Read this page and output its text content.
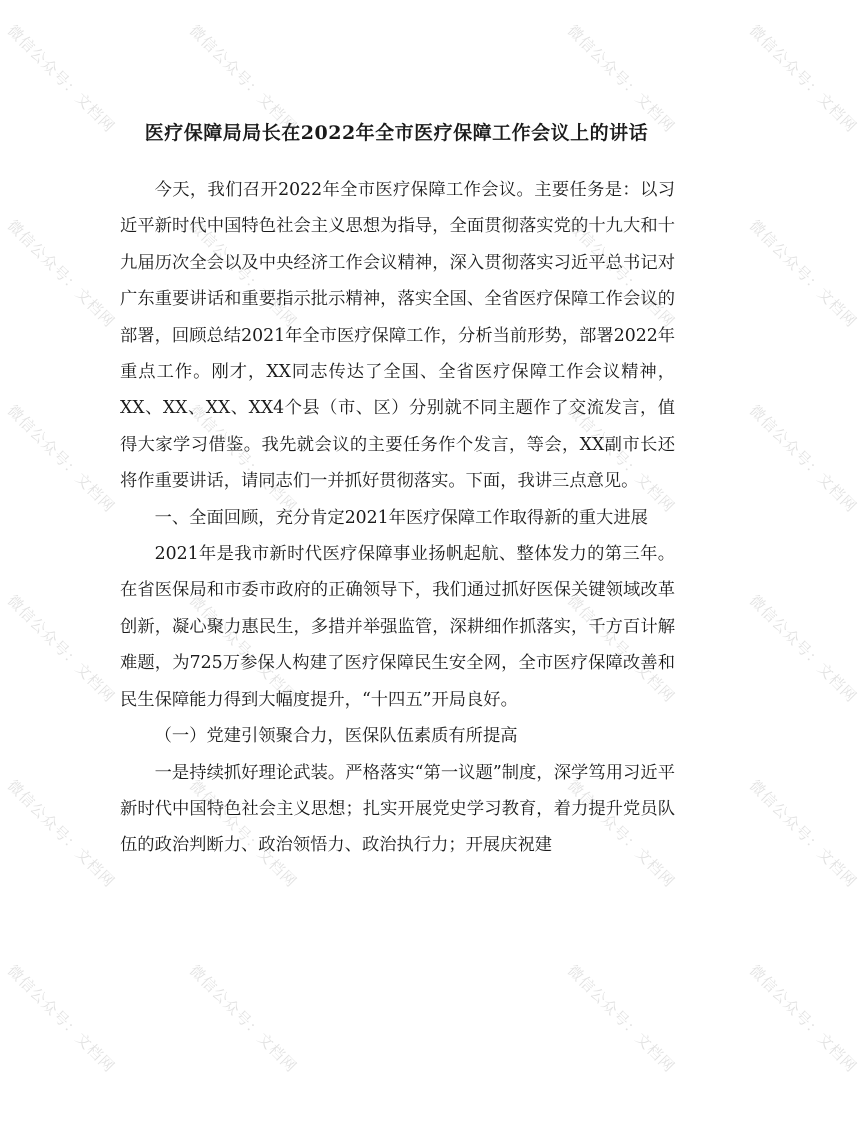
医疗保障局局长在2022年全市医疗保障工作会议上的讲话

今天，我们召开2022年全市医疗保障工作会议。主要任务是：以习近平新时代中国特色社会主义思想为指导，全面贯彻落实党的十九大和十九届历次全会以及中央经济工作会议精神，深入贯彻落实习近平总书记对广东重要讲话和重要指示批示精神，落实全国、全省医疗保障工作会议的部署，回顾总结2021年全市医疗保障工作，分析当前形势，部署2022年重点工作。刚才，XX同志传达了全国、全省医疗保障工作会议精神，XX、XX、XX、XX4个县（市、区）分别就不同主题作了交流发言，值得大家学习借鉴。我先就会议的主要任务作个发言，等会，XX副市长还将作重要讲话，请同志们一并抓好贯彻落实。下面，我讲三点意见。

一、全面回顾，充分肯定2021年医疗保障工作取得新的重大进展

2021年是我市新时代医疗保障事业扬帆起航、整体发力的第三年。在省医保局和市委市政府的正确领导下，我们通过抓好医保关键领域改革创新，凝心聚力惠民生，多措并举强监管，深耕细作抓落实，千方百计解难题，为725万参保人构建了医疗保障民生安全网，全市医疗保障改善和民生保障能力得到大幅度提升，“十四五”开局良好。

（一）党建引领聚合力，医保队伍素质有所提高

一是持续抓好理论武装。严格落实“第一议题”制度，深学笃用习近平新时代中国特色社会主义思想；扎实开展党史学习教育，着力提升党员队伍的政治判断力、政治领悟力、政治执行力；开展庆祝建

微信公众号：文档网	微信公众号：文档网	微信公众号：文档网	微信公众号：文档网
微信公众号：文档网	微信公众号：文档网	微信公众号：文档网	微信公众号：文档网
微信公众号：文档网	微信公众号：文档网	微信公众号：文档网	微信公众号：文档网
微信公众号：文档网	微信公众号：文档网	微信公众号：文档网	微信公众号：文档网
微信公众号：文档网	微信公众号：文档网	微信公众号：文档网	微信公众号：文档网
微信公众号：文档网	微信公众号：文档网	微信公众号：文档网	微信公众号：文档网
